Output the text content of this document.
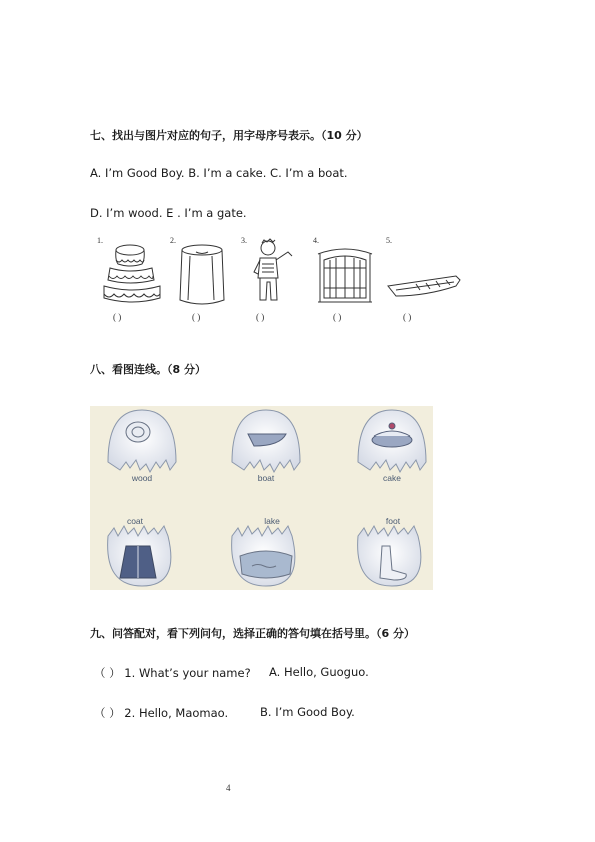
七、找出与图片对应的句子，用字母序号表示。（10 分）
A. I’m Good Boy. B. I’m a cake. C. I’m a boat.
D. I’m wood. E . I’m a gate.
1.
( )
2.
( )
3.
( )
4.
( )
5.
( )
八、看图连线。（8 分）
wood	boat	cake
coat	lake	foot
九、问答配对，看下列问句，选择正确的答句填在括号里。（6 分）
（ ） 1. What’s your name? A. Hello, Guoguo.
（ ） 2. Hello, Maomao.	B. I’m Good Boy.
4
